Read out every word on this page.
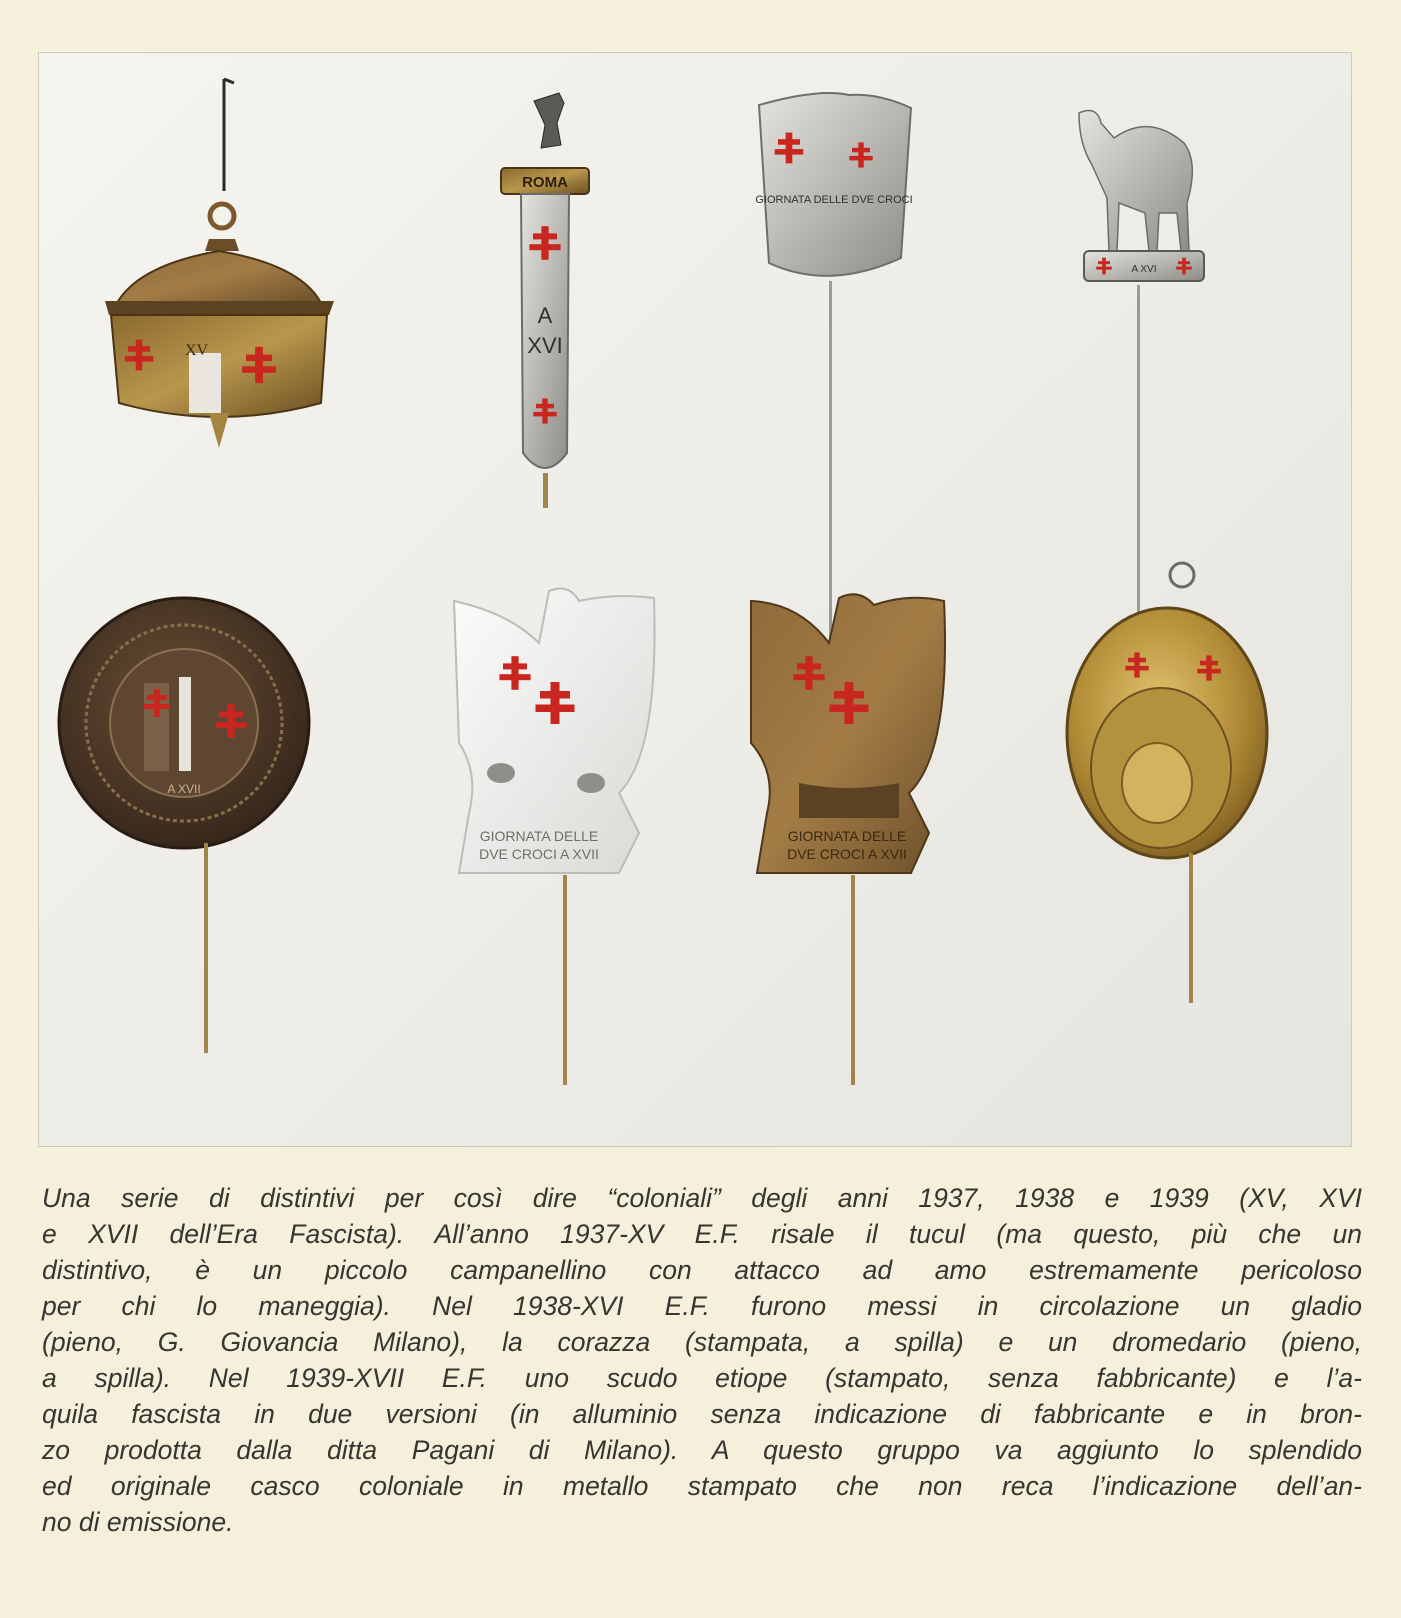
XV
ROMA
A
XVI
GIORNATA DELLE DVE CROCI
A XVI
A XVII
GIORNATA DELLE
DVE CROCI A XVII
GIORNATA DELLE
DVE CROCI A XVII
Una serie di distintivi per così dire “coloniali” degli anni 1937, 1938 e 1939 (XV, XVI
e XVII dell’Era Fascista). All’anno 1937-XV E.F. risale il tucul (ma questo, più che un
distintivo, è un piccolo campanellino con attacco ad amo estremamente pericoloso
per chi lo maneggia). Nel 1938-XVI E.F. furono messi in circolazione un gladio
(pieno, G. Giovancia Milano), la corazza (stampata, a spilla) e un dromedario (pieno,
a spilla). Nel 1939-XVII E.F. uno scudo etiope (stampato, senza fabbricante) e l’a-
quila fascista in due versioni (in alluminio senza indicazione di fabbricante e in bron-
zo prodotta dalla ditta Pagani di Milano). A questo gruppo va aggiunto lo splendido
ed originale casco coloniale in metallo stampato che non reca l’indicazione dell’an-
no di emissione.
